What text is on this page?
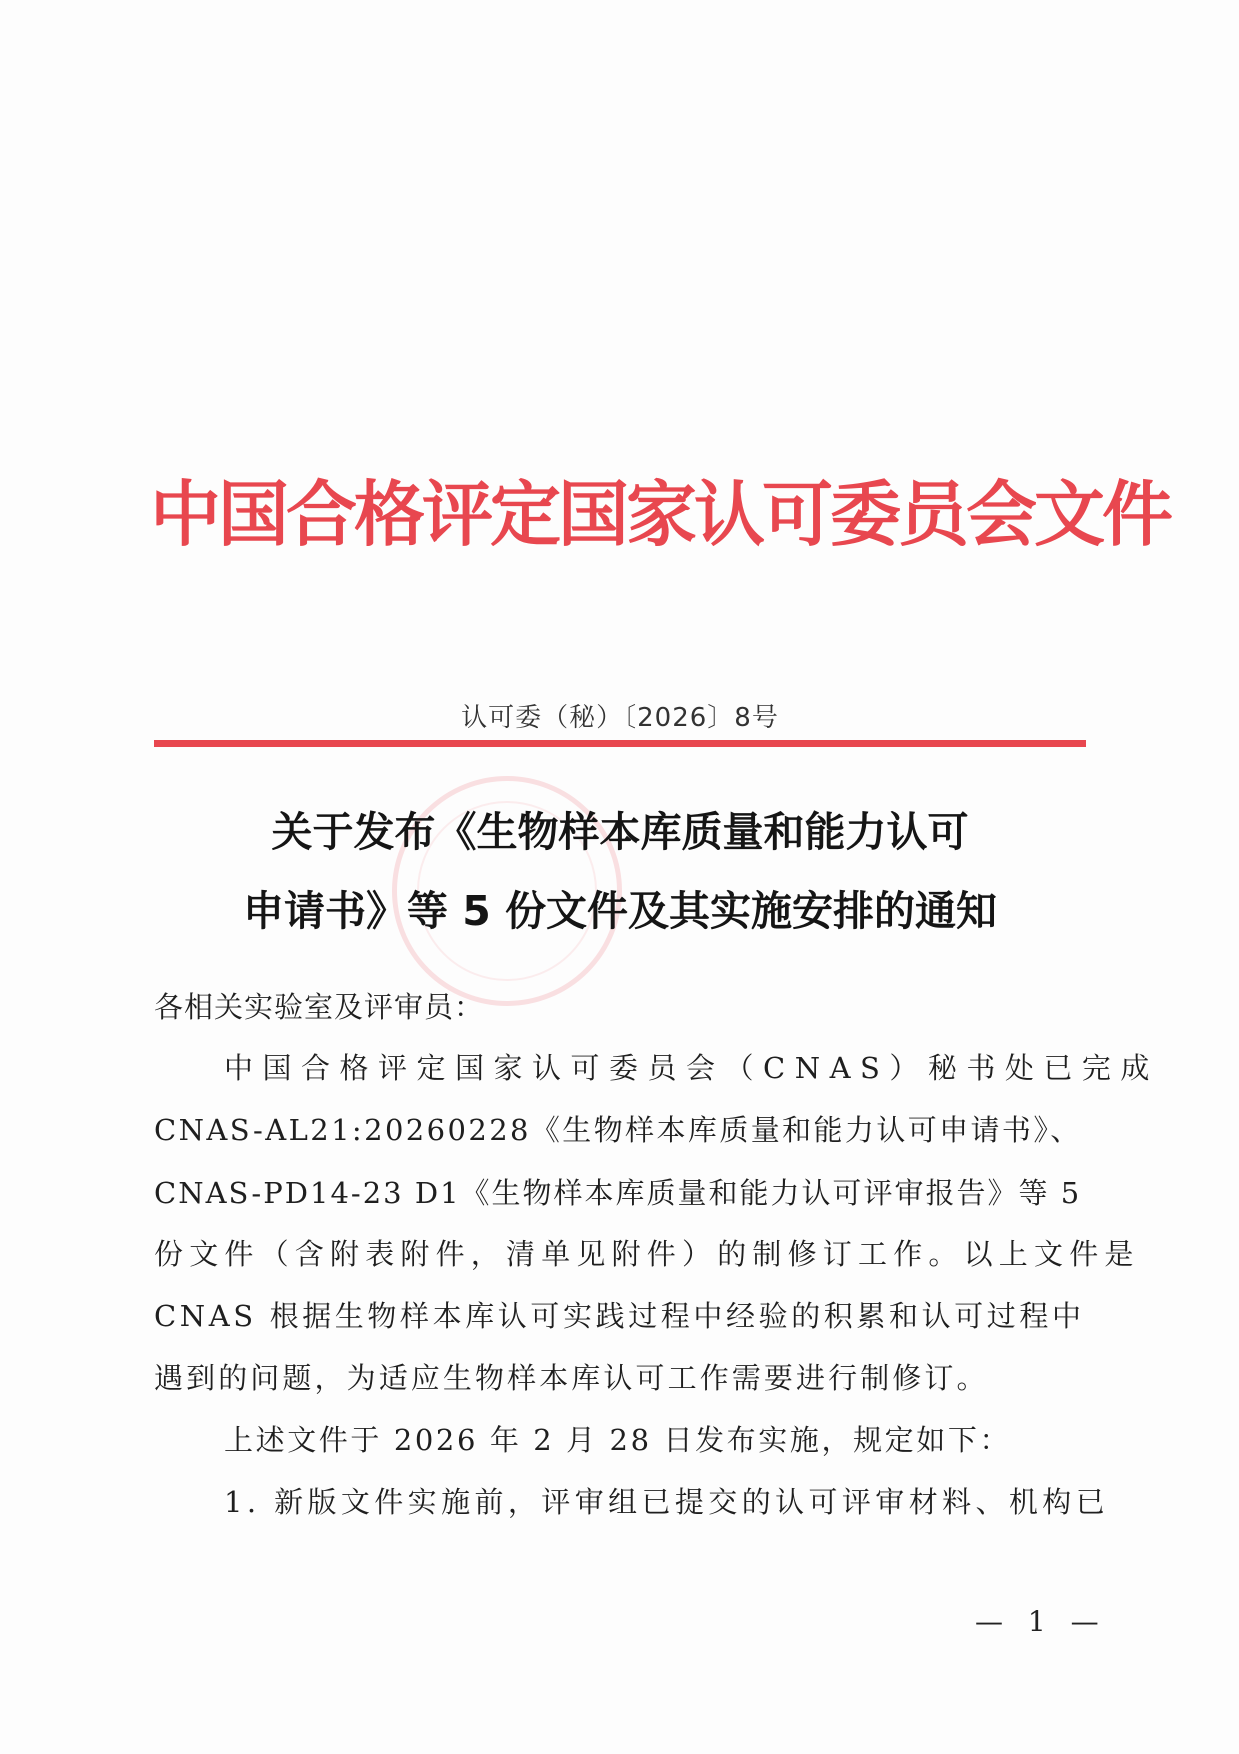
中国合格评定国家认可委员会文件
认可委（秘）〔2026〕8号
关于发布《生物样本库质量和能力认可
申请书》等 5 份文件及其实施安排的通知
各相关实验室及评审员：
中国合格评定国家认可委员会（CNAS）秘书处已完成
CNAS-AL21:20260228《生物样本库质量和能力认可申请书》、
CNAS-PD14-23 D1《生物样本库质量和能力认可评审报告》等 5
份文件（含附表附件，清单见附件）的制修订工作。以上文件是
CNAS 根据生物样本库认可实践过程中经验的积累和认可过程中
遇到的问题，为适应生物样本库认可工作需要进行制修订。
上述文件于 2026 年 2 月 28 日发布实施，规定如下：
1. 新版文件实施前，评审组已提交的认可评审材料、机构已
— 1 —
